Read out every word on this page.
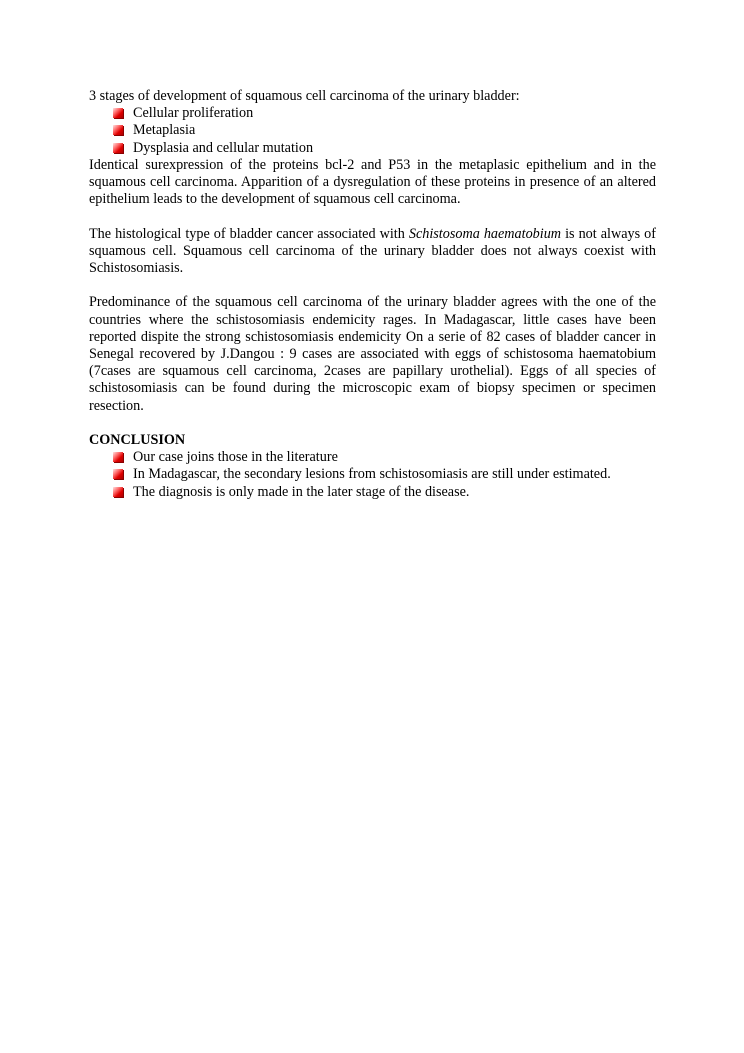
3 stages of development of squamous cell carcinoma of the urinary bladder:

Cellular proliferation
Metaplasia
Dysplasia and cellular mutation

Identical surexpression of the proteins bcl-2 and P53 in the metaplasic epithelium and in the squamous cell carcinoma. Apparition of a dysregulation of these proteins in presence of an altered epithelium leads to the development of squamous cell carcinoma.

The histological type of bladder cancer associated with Schistosoma haematobium is not always of squamous cell. Squamous cell carcinoma of the urinary bladder does not always coexist with Schistosomiasis.

Predominance of the squamous cell carcinoma of the urinary bladder agrees with the one of the countries where the schistosomiasis endemicity rages. In Madagascar, little cases have been reported dispite the strong schistosomiasis endemicity On a serie of 82 cases of bladder cancer in Senegal recovered by J.Dangou : 9 cases are associated with eggs of schistosoma haematobium (7cases are squamous cell carcinoma, 2cases are papillary urothelial). Eggs of all species of schistosomiasis can be found during the microscopic exam of biopsy specimen or specimen resection.

CONCLUSION

Our case joins those in the literature
In Madagascar, the secondary lesions from schistosomiasis are still under estimated.
The diagnosis is only made in the later stage of the disease.
